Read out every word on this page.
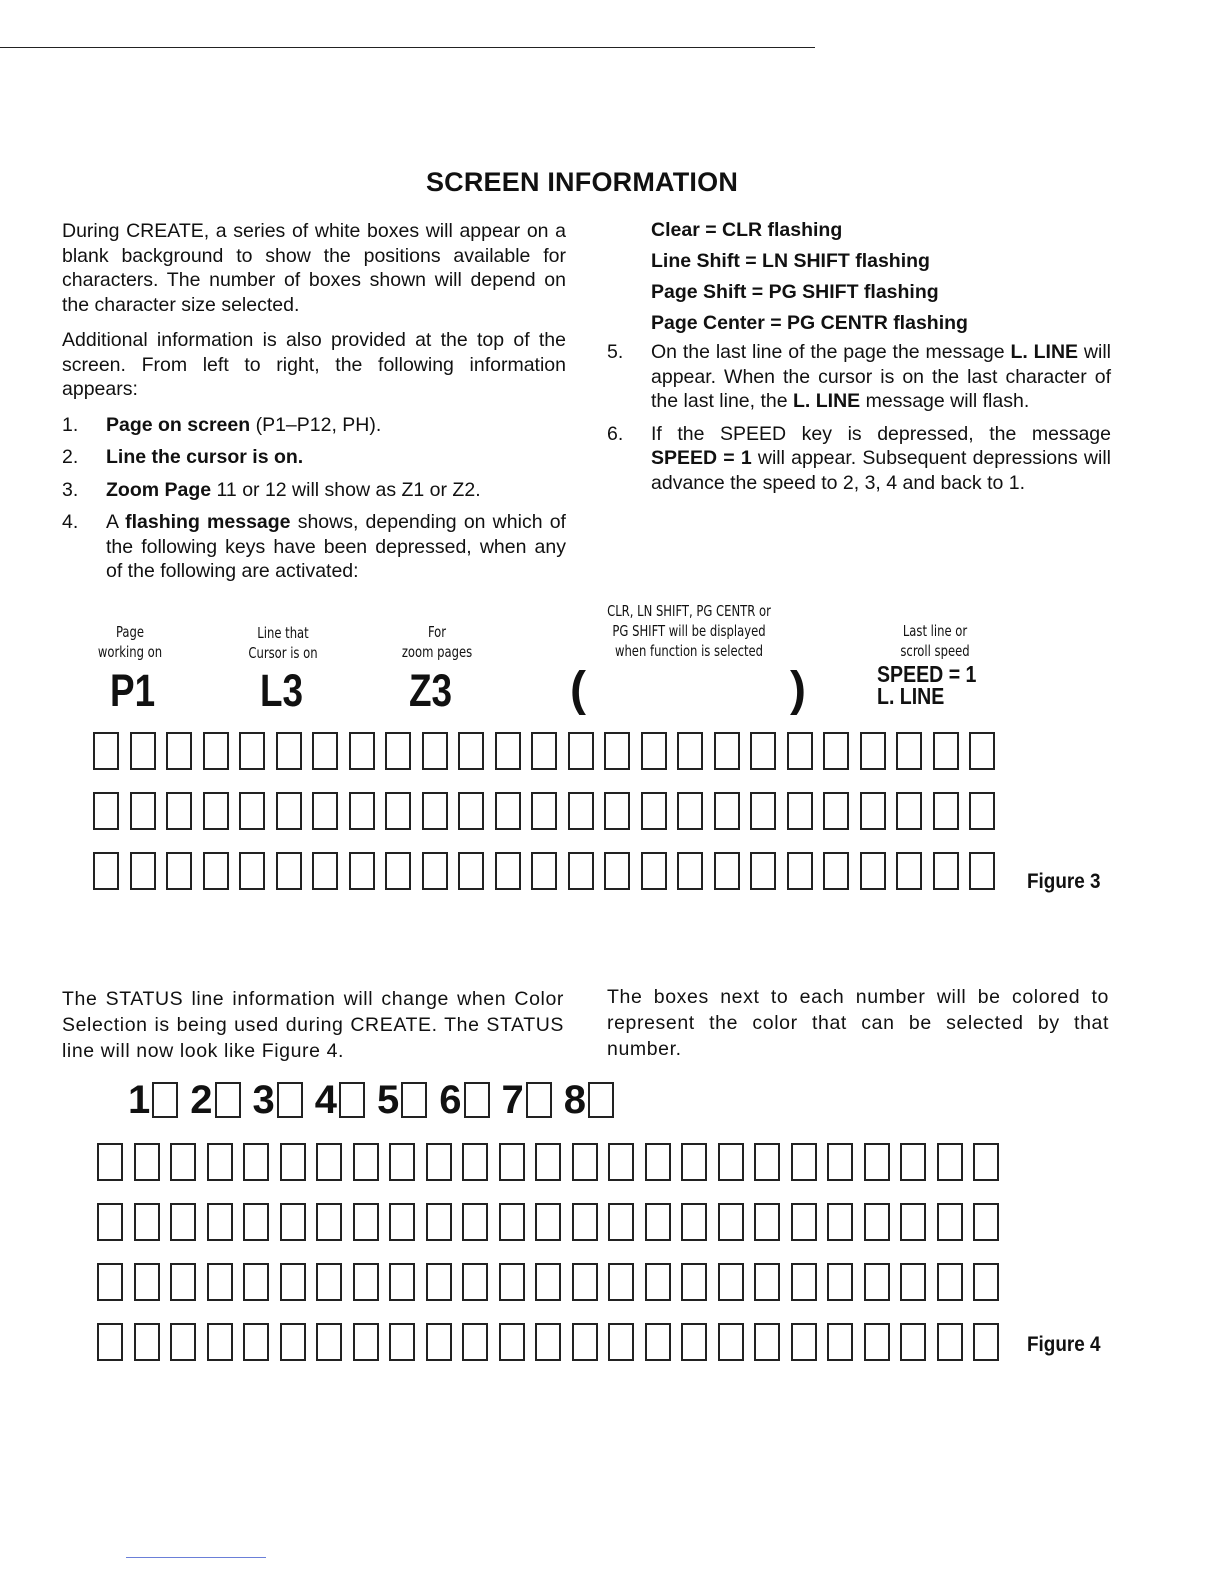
SCREEN INFORMATION

During CREATE, a series of white boxes will appear on a blank background to show the positions available for characters. The number of boxes shown will depend on the character size selected.

Additional information is also provided at the top of the screen. From left to right, the following information appears:

1.	Page on screen (P1–P12, PH).
2.	Line the cursor is on.
3.	Zoom Page 11 or 12 will show as Z1 or Z2.
4.	A flashing message shows, depending on which of the following keys have been depressed, when any of the following are activated:
Clear = CLR flashing
Line Shift = LN SHIFT flashing
Page Shift = PG SHIFT flashing
Page Center = PG CENTR flashing
5.	On the last line of the page the message L. LINE will appear. When the cursor is on the last character of the last line, the L. LINE message will flash.
6.	If the SPEED key is depressed, the message SPEED = 1 will appear. Subsequent depressions will advance the speed to 2, 3, 4 and back to 1.
Page
working on
Line that
Cursor is on
For
zoom pages
CLR, LN SHIFT, PG CENTR or
PG SHIFT will be displayed
when function is selected
Last line or
scroll speed
P1 L3 Z3 (	)	SPEED = 1
L. LINE
Figure 3
The STATUS line information will change when Color Selection is being used during CREATE. The STATUS line will now look like Figure 4.
The boxes next to each number will be colored to represent the color that can be selected by that number.
1 2 3 4 5 6 7 8
Figure 4
